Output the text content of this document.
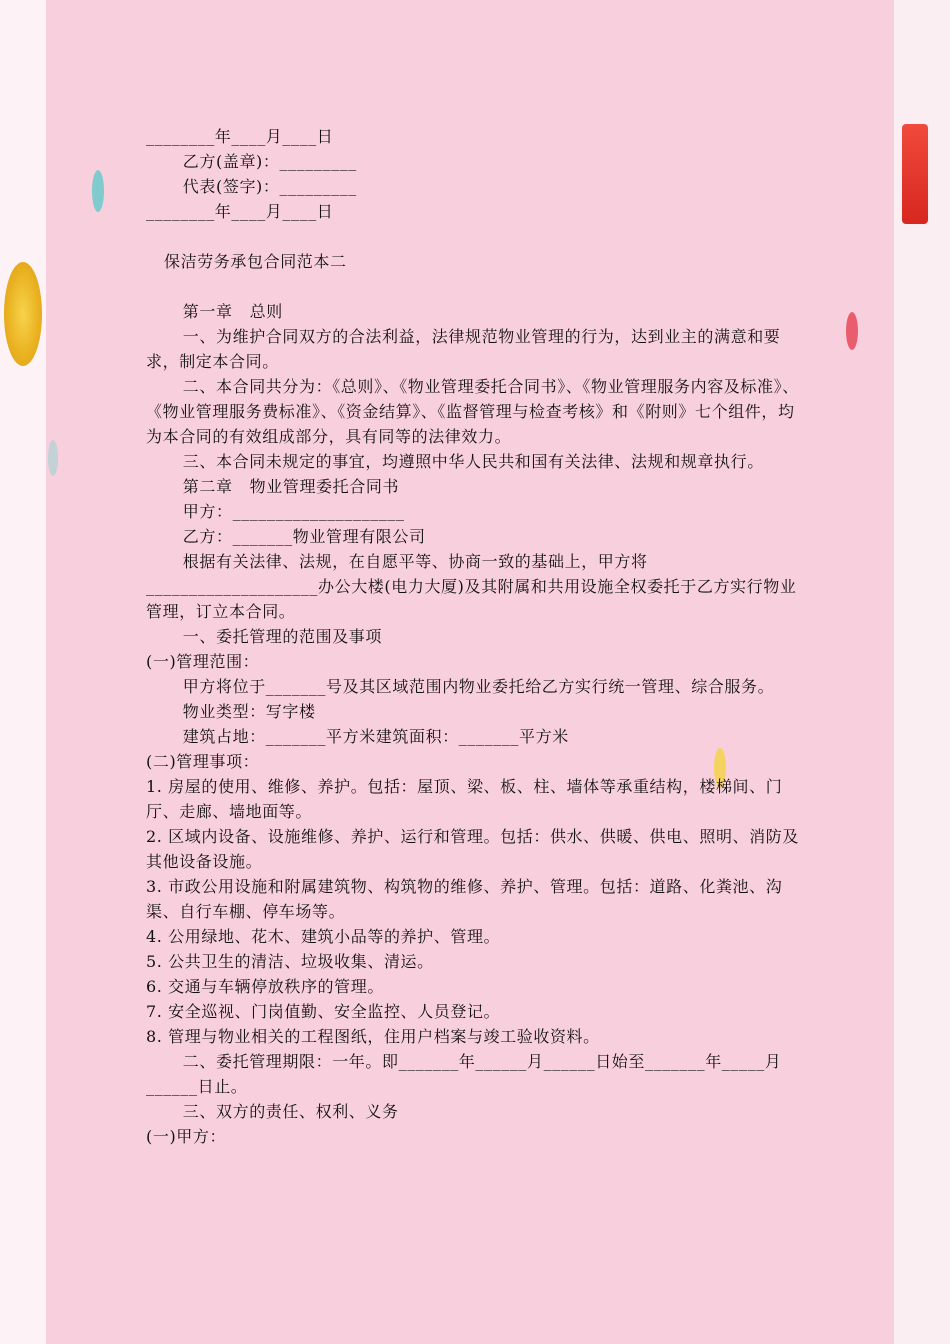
________年____月____日

乙方(盖章)：_________

代表(签字)：_________

________年____月____日

保洁劳务承包合同范本二

第一章   总则

一、为维护合同双方的合法利益，法律规范物业管理的行为，达到业主的满意和要求，制定本合同。

二、本合同共分为：《总则》、《物业管理委托合同书》、《物业管理服务内容及标准》、《物业管理服务费标准》、《资金结算》、《监督管理与检查考核》和《附则》七个组件，均为本合同的有效组成部分，具有同等的法律效力。

三、本合同未规定的事宜，均遵照中华人民共和国有关法律、法规和规章执行。

第二章   物业管理委托合同书

甲方：____________________

乙方：_______物业管理有限公司

根据有关法律、法规，在自愿平等、协商一致的基础上，甲方将____________________办公大楼(电力大厦)及其附属和共用设施全权委托于乙方实行物业管理，订立本合同。

一、委托管理的范围及事项

(一)管理范围：

甲方将位于_______号及其区域范围内物业委托给乙方实行统一管理、综合服务。

物业类型：写字楼

建筑占地：_______平方米建筑面积：_______平方米

(二)管理事项：

1. 房屋的使用、维修、养护。包括：屋顶、梁、板、柱、墙体等承重结构，楼梯间、门厅、走廊、墙地面等。

2. 区域内设备、设施维修、养护、运行和管理。包括：供水、供暖、供电、照明、消防及其他设备设施。

3. 市政公用设施和附属建筑物、构筑物的维修、养护、管理。包括：道路、化粪池、沟渠、自行车棚、停车场等。

4. 公用绿地、花木、建筑小品等的养护、管理。

5. 公共卫生的清洁、垃圾收集、清运。

6. 交通与车辆停放秩序的管理。

7. 安全巡视、门岗值勤、安全监控、人员登记。

8. 管理与物业相关的工程图纸，住用户档案与竣工验收资料。

二、委托管理期限：一年。即_______年______月______日始至_______年_____月______日止。

三、双方的责任、权利、义务

(一)甲方：
